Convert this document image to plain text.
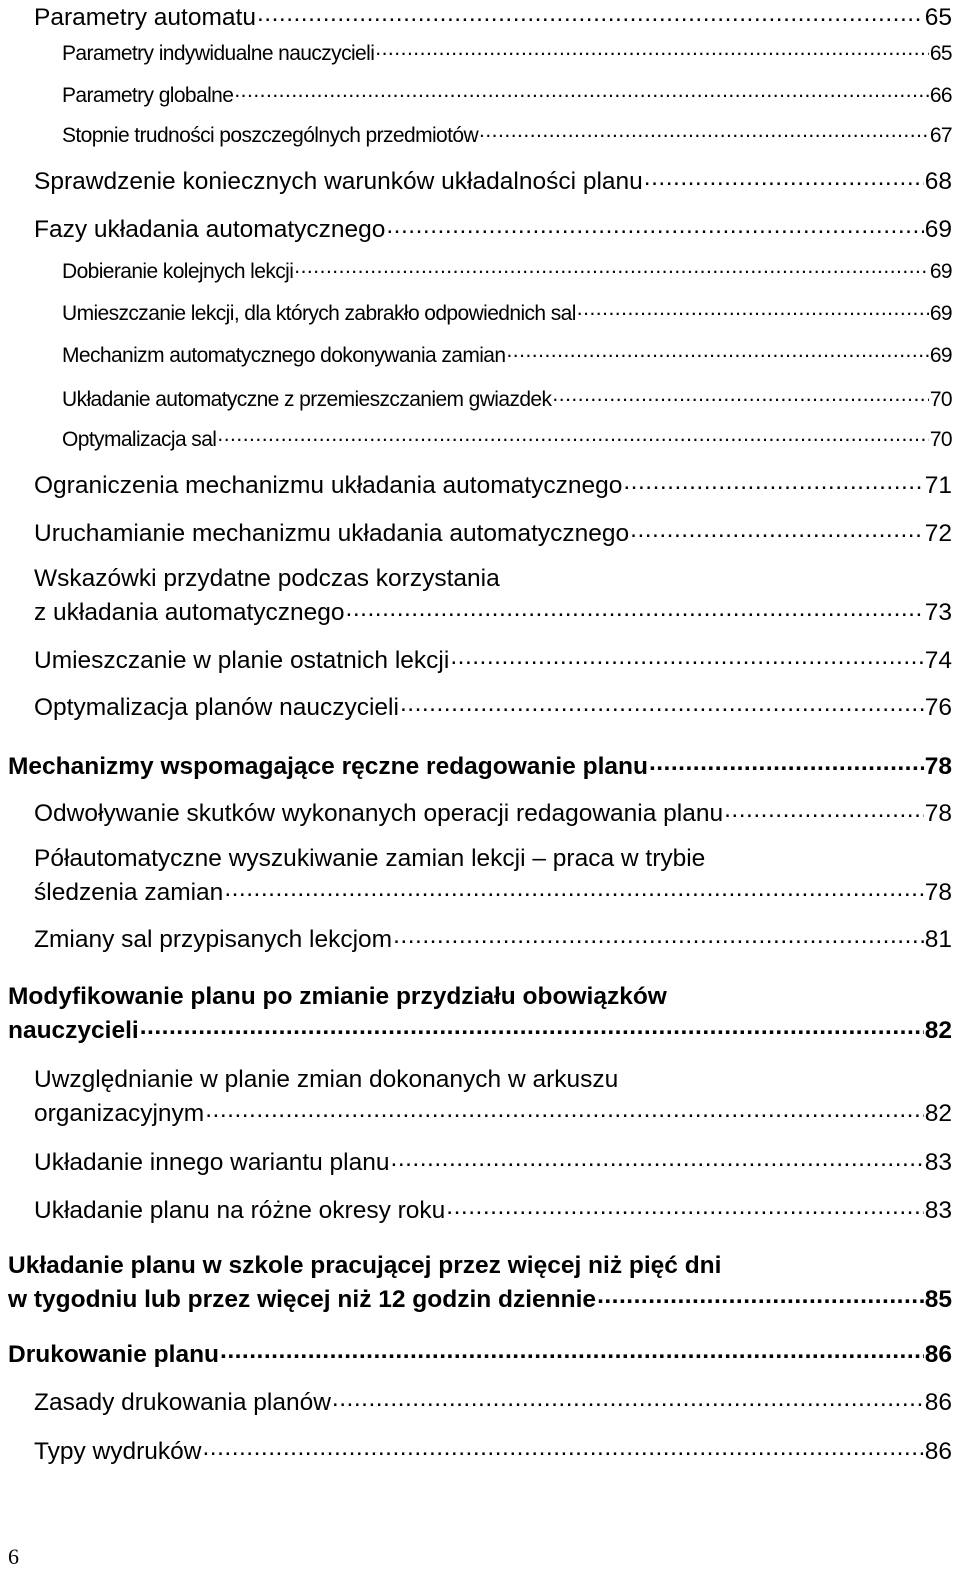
Parametry automatu .....	65
Parametry indywidualne nauczycieli .....	65
Parametry globalne .....	66
Stopnie trudności poszczególnych przedmiotów .....	67
Sprawdzenie koniecznych warunków układalności planu .....	68
Fazy układania automatycznego .....	69
Dobieranie kolejnych lekcji .....	69
Umieszczanie lekcji, dla których zabrakło odpowiednich sal .....	69
Mechanizm automatycznego dokonywania zamian .....	69
Układanie automatyczne z przemieszczaniem gwiazdek .....	70
Optymalizacja sal .....	70
Ograniczenia mechanizmu układania automatycznego .....	71
Uruchamianie mechanizmu układania automatycznego .....	72
Wskazówki przydatne podczas korzystania
z układania automatycznego .....	73
Umieszczanie w planie ostatnich lekcji .....	74
Optymalizacja planów nauczycieli .....	76
Mechanizmy wspomagające ręczne redagowanie planu .....	78
Odwoływanie skutków wykonanych operacji redagowania planu .....	78
Półautomatyczne wyszukiwanie zamian lekcji – praca w trybie
śledzenia zamian .....	78
Zmiany sal przypisanych lekcjom .....	81
Modyfikowanie planu po zmianie przydziału obowiązków
nauczycieli .....	82
Uwzględnianie w planie zmian dokonanych w arkuszu
organizacyjnym .....	82
Układanie innego wariantu planu .....	83
Układanie planu na różne okresy roku .....	83
Układanie planu w szkole pracującej przez więcej niż pięć dni
w tygodniu lub przez więcej niż 12 godzin dziennie .....	85
Drukowanie planu .....	86
Zasady drukowania planów .....	86
Typy wydruków .....	86
6
